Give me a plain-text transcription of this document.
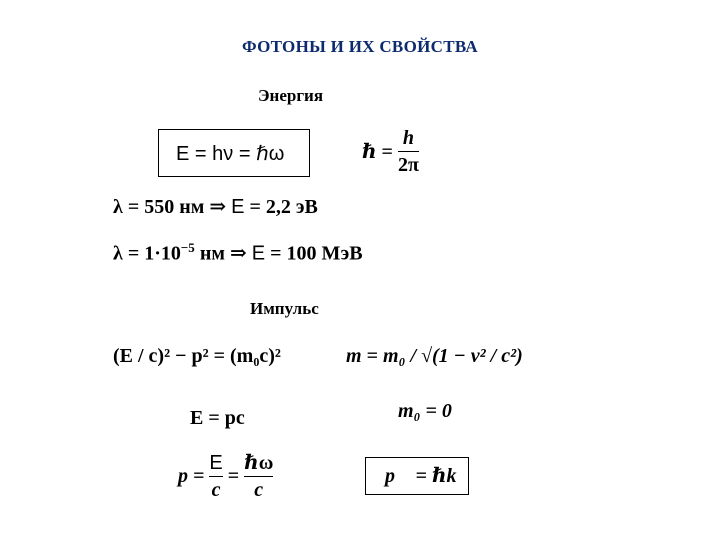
ФОТОНЫ И ИХ СВОЙСТВА
Энергия
E = hν = ℏω	ℏ = $\frac{h}{2\pi}$
λ = 550 нм ⇒ E = 2,2 эВ
$\lambda = 1\cdot 10^{-5}$ нм ⇒ E = 100 МэВ
Импульс
(E / c)² − p² = (m₀c)²	m = m₀ / √(1 − v² / c²)
m₀ = 0
E = pc
$p = \frac{E}{c} = \frac{\text{ℏω}}{c}$	p⃗ = ℏk⃗
